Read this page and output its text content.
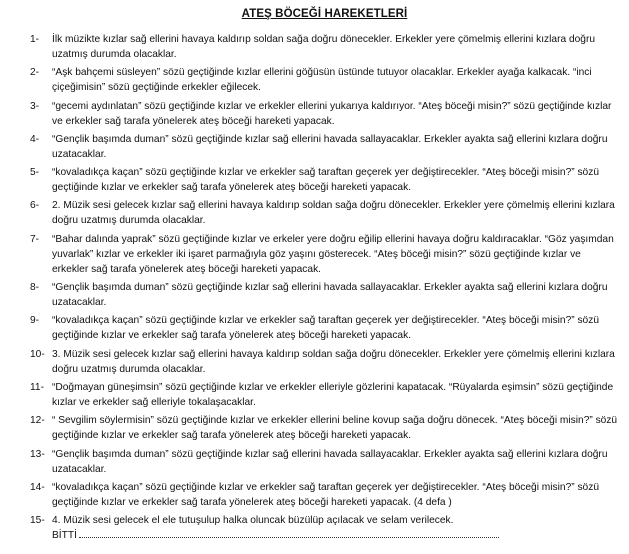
ATEŞ BÖCEĞİ HAREKETLERİ
1- İlk müzikte kızlar sağ ellerini havaya kaldırıp soldan sağa doğru dönecekler. Erkekler yere çömelmiş ellerini kızlara doğru uzatmış durumda olacaklar.
2- “Aşk bahçemi süsleyen” sözü geçtiğinde kızlar ellerini göğüsün üstünde tutuyor olacaklar. Erkekler ayağa kalkacak. “inci çiçeğimisin” sözü geçtiğinde erkekler eğilecek.
3- “gecemi aydınlatan” sözü geçtiğinde kızlar ve erkekler ellerini yukarıya kaldırıyor. “Ateş böceği misin?” sözü geçtiğinde kızlar ve erkekler sağ tarafa yönelerek ateş böceği hareketi yapacak.
4- “Gençlik başımda duman” sözü geçtiğinde kızlar sağ ellerini havada sallayacaklar. Erkekler ayakta sağ ellerini kızlara doğru uzatacaklar.
5- “kovaladıkça kaçan” sözü geçtiğinde kızlar ve erkekler sağ taraftan geçerek yer değiştirecekler. “Ateş böceği misin?” sözü geçtiğinde kızlar ve erkekler sağ tarafa yönelerek ateş böceği hareketi yapacak.
6- 2. Müzik sesi gelecek kızlar sağ ellerini havaya kaldırıp soldan sağa doğru dönecekler. Erkekler yere çömelmiş ellerini kızlara doğru uzatmış durumda olacaklar.
7- “Bahar dalında yaprak” sözü geçtiğinde kızlar ve erkeler yere doğru eğilip ellerini havaya doğru kaldıracaklar. “Göz yaşımdan yuvarlak” kızlar ve erkekler iki işaret parmağıyla göz yaşını gösterecek. “Ateş böceği misin?” sözü geçtiğinde kızlar ve erkekler sağ tarafa yönelerek ateş böceği hareketi yapacak.
8- “Gençlik başımda duman” sözü geçtiğinde kızlar sağ ellerini havada sallayacaklar. Erkekler ayakta sağ ellerini kızlara doğru uzatacaklar.
9- “kovaladıkça kaçan” sözü geçtiğinde kızlar ve erkekler sağ taraftan geçerek yer değiştirecekler. “Ateş böceği misin?” sözü geçtiğinde kızlar ve erkekler sağ tarafa yönelerek ateş böceği hareketi yapacak.
10- 3. Müzik sesi gelecek kızlar sağ ellerini havaya kaldırıp soldan sağa doğru dönecekler. Erkekler yere çömelmiş ellerini kızlara doğru uzatmış durumda olacaklar.
11- “Doğmayan güneşimsin” sözü geçtiğinde kızlar ve erkekler elleriyle gözlerini kapatacak. “Rüyalarda eşimsin” sözü geçtiğinde kızlar ve erkekler sağ elleriyle tokalaşacaklar.
12- “ Sevgilim söylermisin” sözü geçtiğinde kızlar ve erkekler ellerini beline kovup sağa doğru dönecek. “Ateş böceği misin?” sözü geçtiğinde kızlar ve erkekler sağ tarafa yönelerek ateş böceği hareketi yapacak.
13- “Gençlik başımda duman” sözü geçtiğinde kızlar sağ ellerini havada sallayacaklar. Erkekler ayakta sağ ellerini kızlara doğru uzatacaklar.
14- “kovaladıkça kaçan” sözü geçtiğinde kızlar ve erkekler sağ taraftan geçerek yer değiştirecekler. “Ateş böceği misin?” sözü geçtiğinde kızlar ve erkekler sağ tarafa yönelerek ateş böceği hareketi yapacak. (4 defa )
15- 4. Müzik sesi gelecek el ele tutuşulup halka oluncak büzülüp açılacak ve selam verilecek.
BİTTİ
